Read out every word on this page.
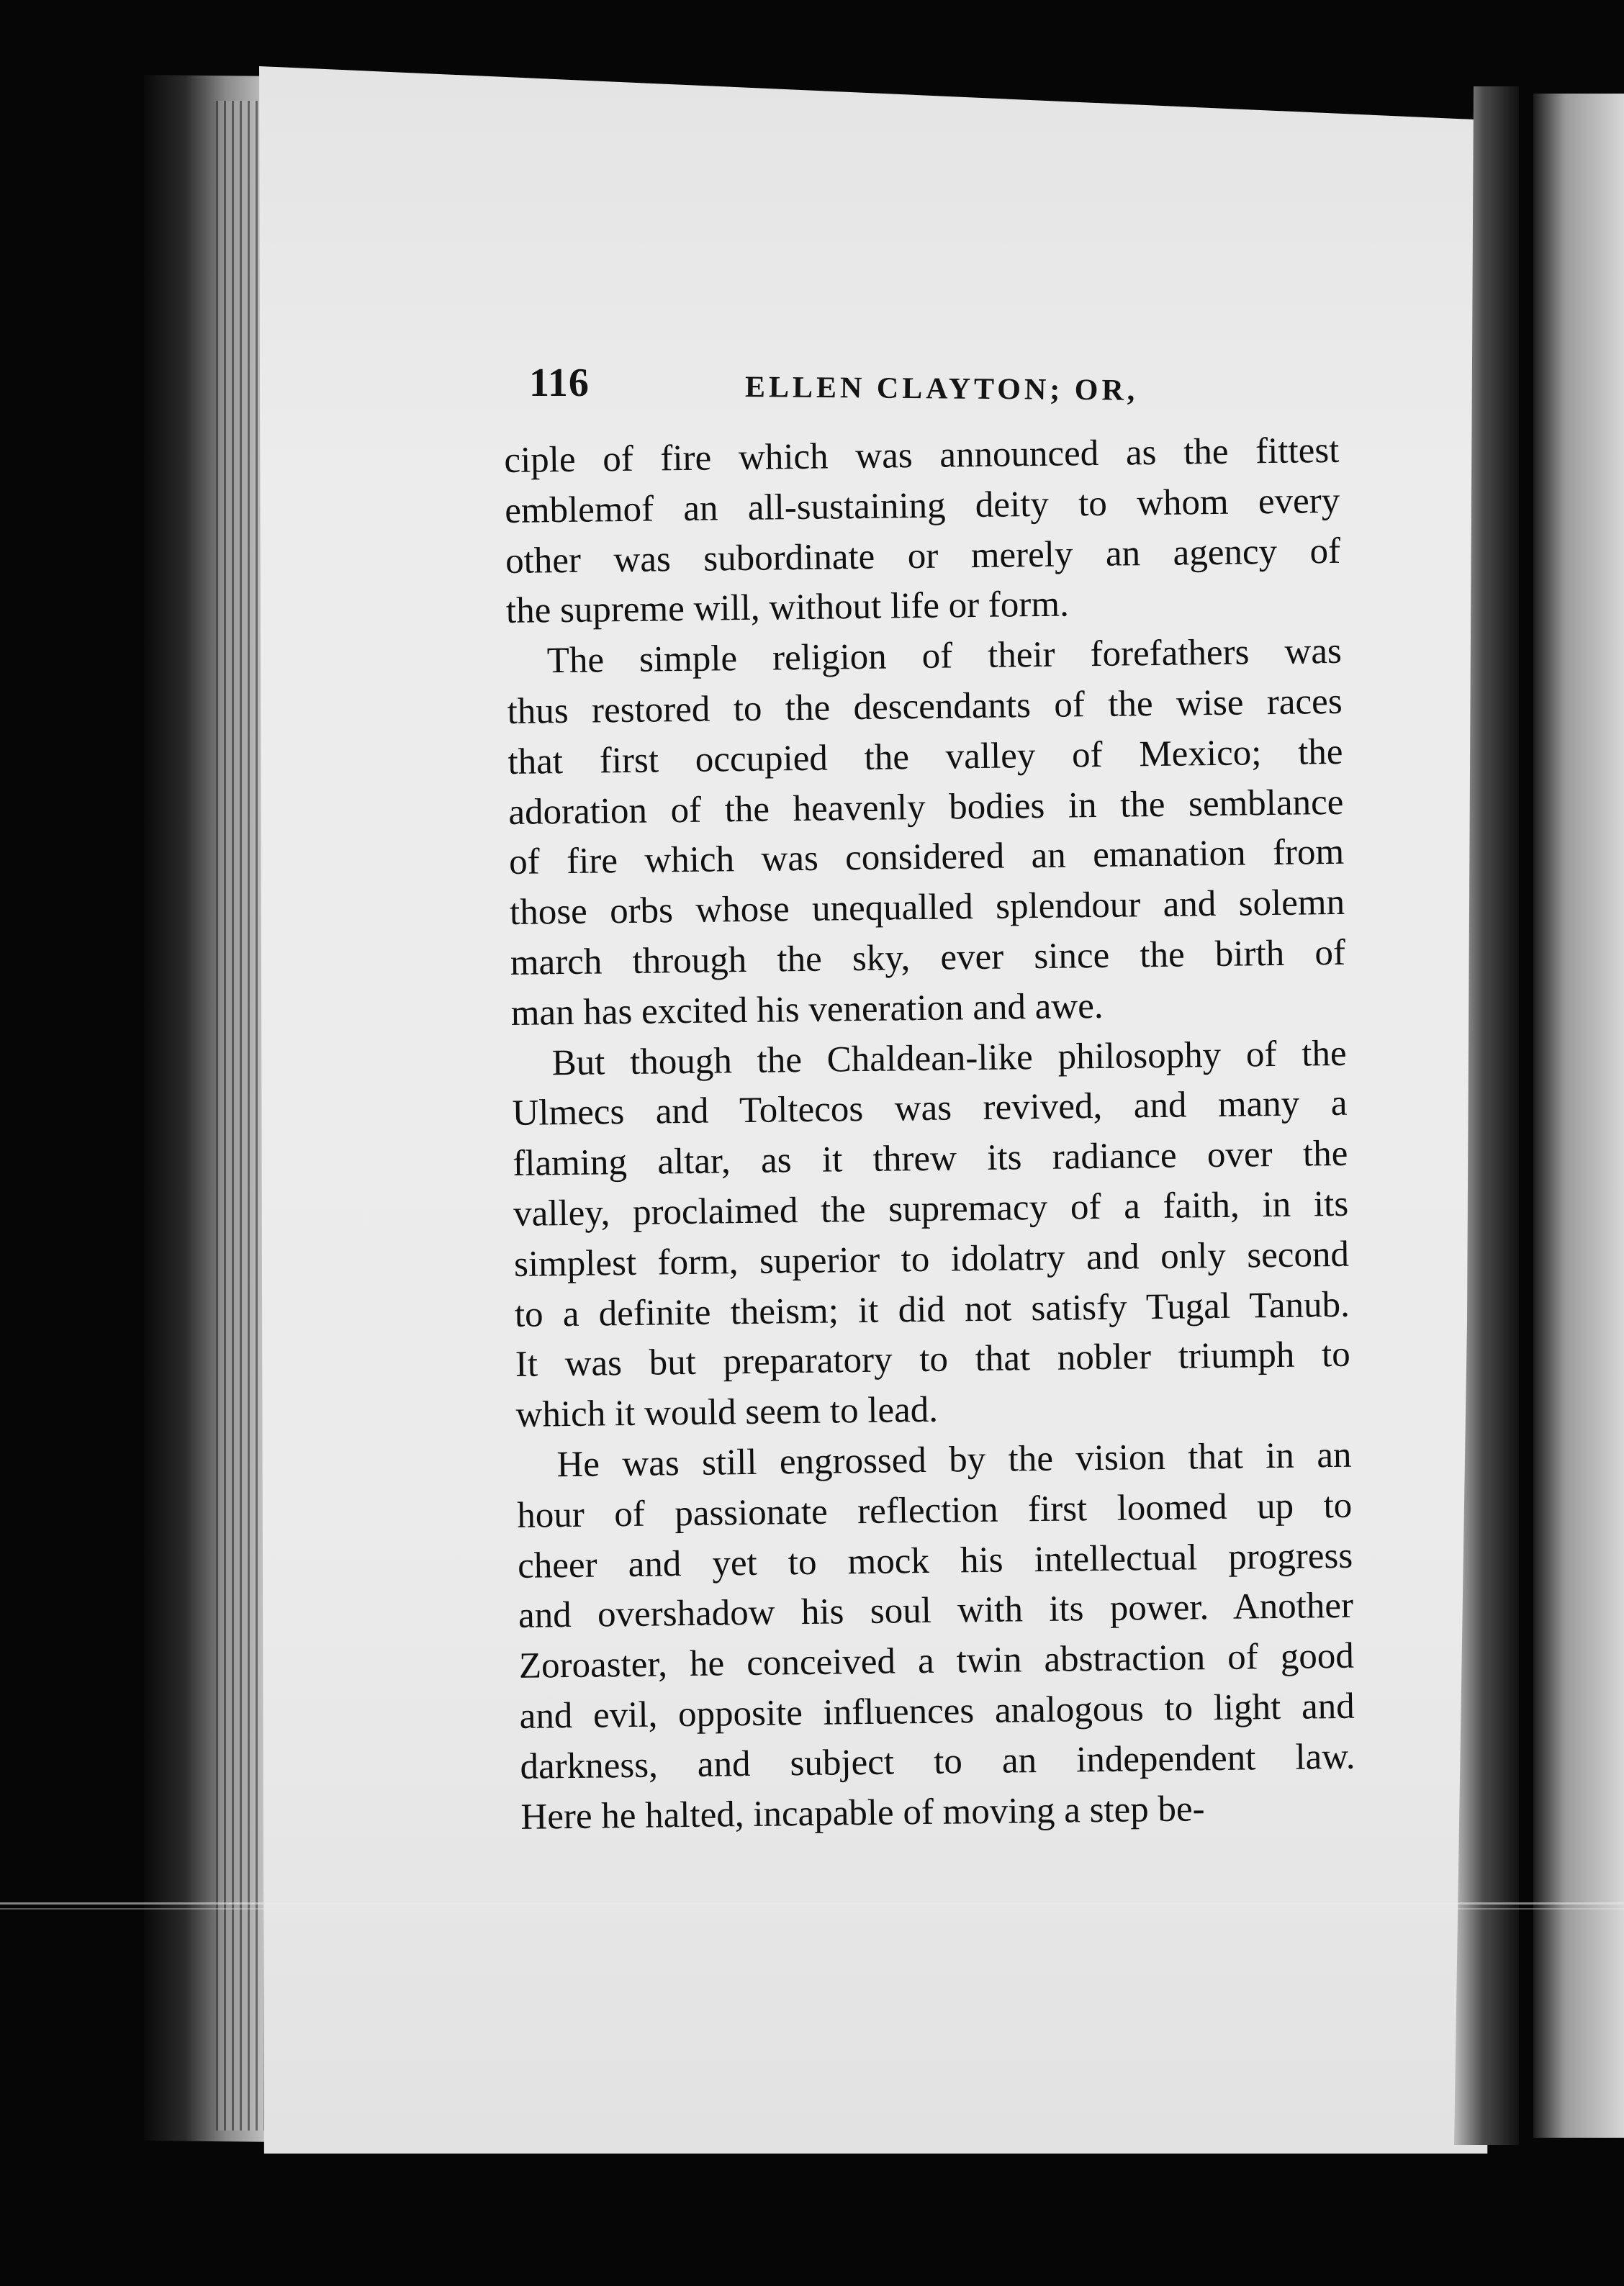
116	ELLEN CLAYTON; OR,

ciple of fire which was announced as the fittest
emblemof an all-sustaining deity to whom every
other was subordinate or merely an agency of
the supreme will, without life or form.

The simple religion of their forefathers was
thus restored to the descendants of the wise races
that first occupied the valley of Mexico; the
adoration of the heavenly bodies in the semblance
of fire which was considered an emanation from
those orbs whose unequalled splendour and solemn
march through the sky, ever since the birth of
man has excited his veneration and awe.

But though the Chaldean-like philosophy of the
Ulmecs and Toltecos was revived, and many a
flaming altar, as it threw its radiance over the
valley, proclaimed the supremacy of a faith, in its
simplest form, superior to idolatry and only second
to a definite theism; it did not satisfy Tugal Tanub.
It was but preparatory to that nobler triumph to
which it would seem to lead.

He was still engrossed by the vision that in an
hour of passionate reflection first loomed up to
cheer and yet to mock his intellectual progress
and overshadow his soul with its power. Another
Zoroaster, he conceived a twin abstraction of good
and evil, opposite influences analogous to light and
darkness, and subject to an independent law.
Here he halted, incapable of moving a step be-
